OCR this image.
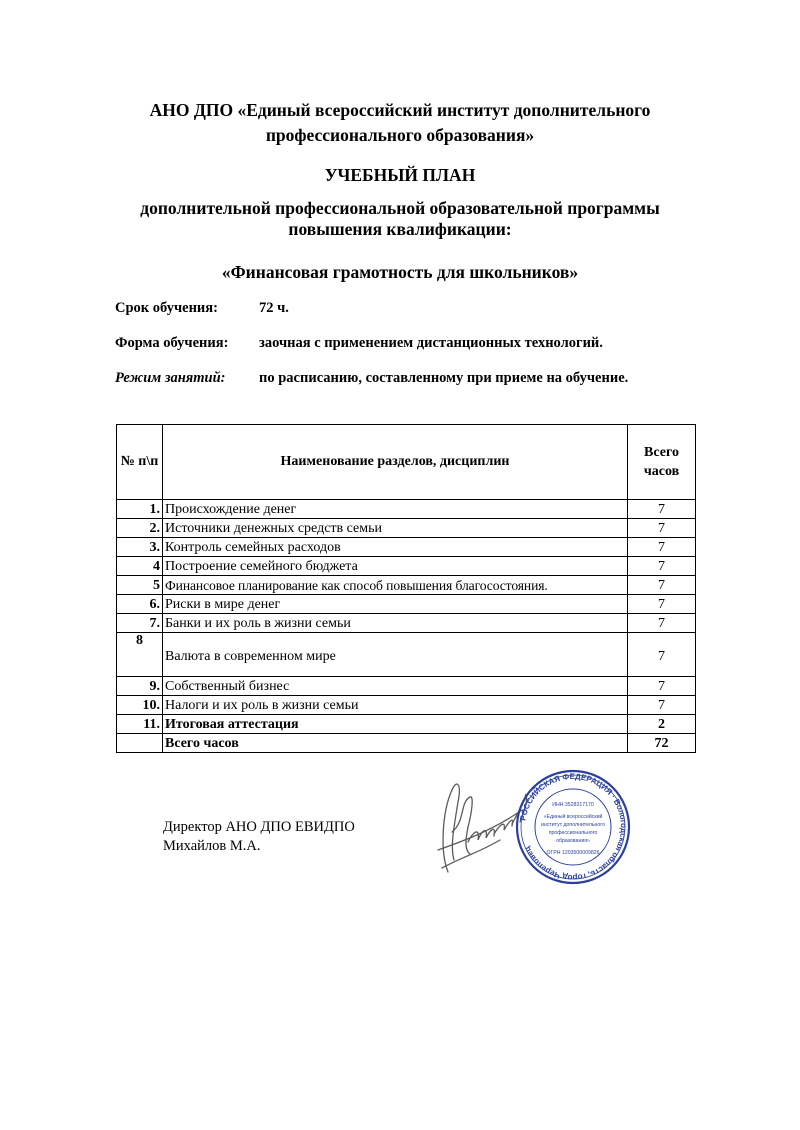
АНО ДПО «Единый всероссийский институт дополнительного
профессионального образования»
УЧЕБНЫЙ ПЛАН
дополнительной профессиональной образовательной программы
повышения квалификации:
«Финансовая грамотность для школьников»
Срок обучения:	72 ч.
Форма обучения: заочная с применением дистанционных технологий.
Режим занятий: по расписанию, составленному при приеме на обучение.
№ п\п	Наименование разделов, дисциплин	Всего
часов
1.	Происхождение денег	7
2.	Источники денежных средств семьи	7
3.	Контроль семейных расходов	7
4	Построение семейного бюджета	7
5	Финансовое планирование как способ повышения благосостояния.	7
6.	Риски в мире денег	7
7.	Банки и их роль в жизни семьи	7
8	Валюта в современном мире	7
9.	Собственный бизнес	7
10.	Налоги и их роль в жизни семьи	7
11.	Итоговая аттестация	2
	Всего часов	72
Директор АНО ДПО ЕВИДПО
Михайлов М.А.
РОССИЙСКАЯ ФЕДЕРАЦИЯ · Вологодская область, город Череповец
ИНН 3528317170
«Единый всероссийский
институт дополнительного
профессионального
образования»
ОГРН 1203500009826
